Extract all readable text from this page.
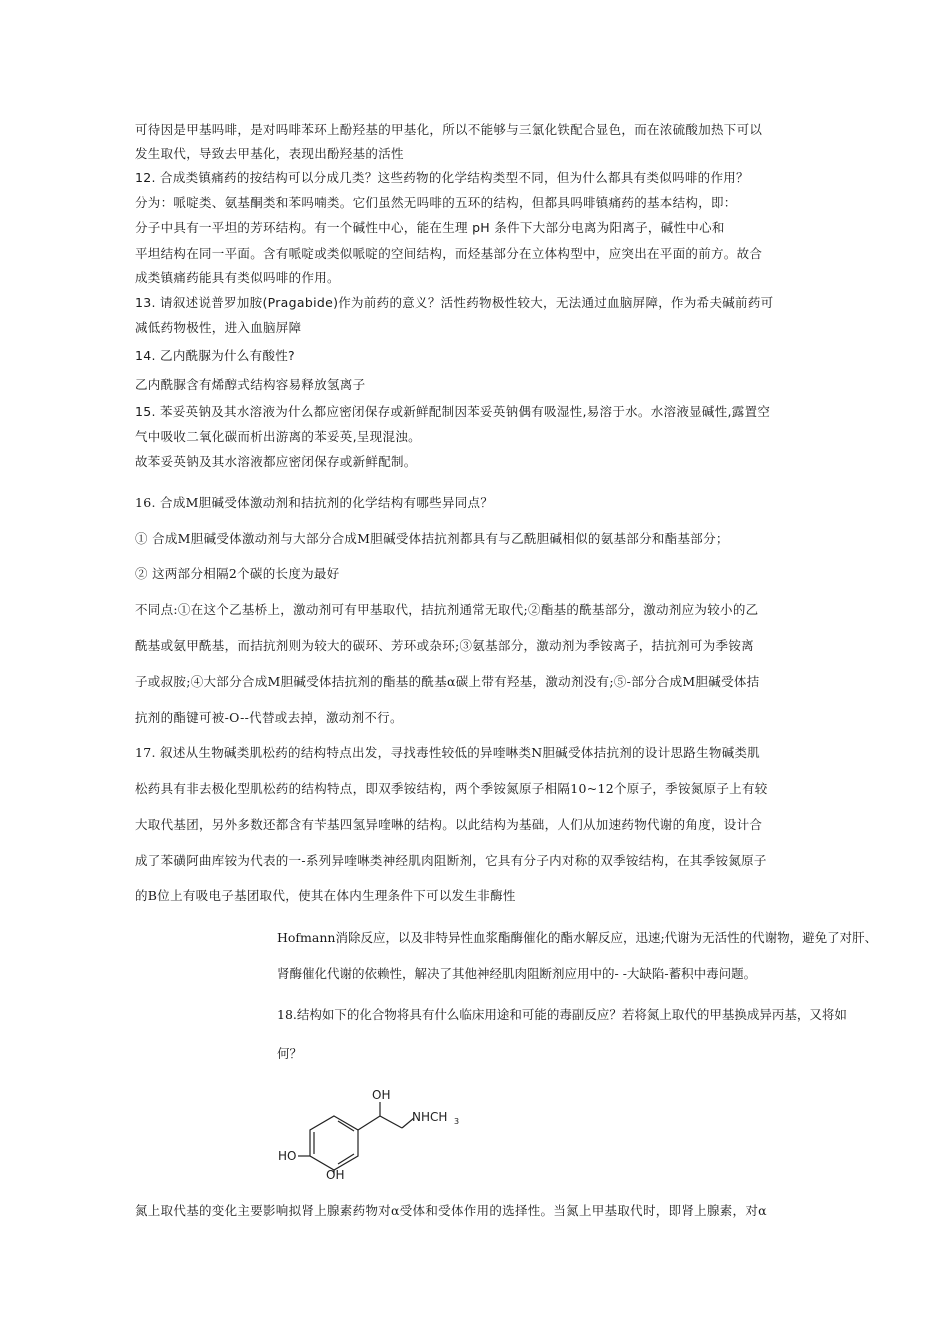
可待因是甲基吗啡，是对吗啡苯环上酚羟基的甲基化，所以不能够与三氯化铁配合显色，而在浓硫酸加热下可以
发生取代，导致去甲基化，表现出酚羟基的活性
12. 合成类镇痛药的按结构可以分成几类？这些药物的化学结构类型不同，但为什么都具有类似吗啡的作用？
分为：哌啶类、氨基酮类和苯吗喃类。它们虽然无吗啡的五环的结构，但都具吗啡镇痛药的基本结构，即：
分子中具有一平坦的芳环结构。有一个碱性中心，能在生理 pH 条件下大部分电离为阳离子，碱性中心和
平坦结构在同一平面。含有哌啶或类似哌啶的空间结构，而烃基部分在立体构型中，应突出在平面的前方。故合
成类镇痛药能具有类似吗啡的作用。
13. 请叙述说普罗加胺(Pragabide)作为前药的意义？活性药物极性较大，无法通过血脑屏障，作为希夫碱前药可
减低药物极性，进入血脑屏障
14. 乙内酰脲为什么有酸性?
乙内酰脲含有烯醇式结构容易释放氢离子
15. 苯妥英钠及其水溶液为什么都应密闭保存或新鲜配制因苯妥英钠偶有吸湿性,易溶于水。水溶液显碱性,露置空
气中吸收二氧化碳而析出游离的苯妥英,呈现混浊。
故苯妥英钠及其水溶液都应密闭保存或新鲜配制。
16. 合成M胆碱受体激动剂和拮抗剂的化学结构有哪些异同点？
① 合成M胆碱受体激动剂与大部分合成M胆碱受体拮抗剂都具有与乙酰胆碱相似的氨基部分和酯基部分；
② 这两部分相隔2个碳的长度为最好
不同点:①在这个乙基桥上，激动剂可有甲基取代，拮抗剂通常无取代;②酯基的酰基部分，激动剂应为较小的乙
酰基或氨甲酰基，而拮抗剂则为较大的碳环、芳环或杂环;③氨基部分，激动剂为季铵离子，拮抗剂可为季铵离
子或叔胺;④大部分合成M胆碱受体拮抗剂的酯基的酰基α碳上带有羟基，激动剂没有;⑤-部分合成M胆碱受体拮
抗剂的酯键可被-O--代替或去掉，激动剂不行。
17. 叙述从生物碱类肌松药的结构特点出发，寻找毒性较低的异喹啉类N胆碱受体拮抗剂的设计思路生物碱类肌
松药具有非去极化型肌松药的结构特点，即双季铵结构，两个季铵氮原子相隔10~12个原子，季铵氮原子上有较
大取代基团，另外多数还都含有苄基四氢异喹啉的结构。以此结构为基础，人们从加速药物代谢的角度，设计合
成了苯磺阿曲库铵为代表的一-系列异喹啉类神经肌肉阻断剂，它具有分子内对称的双季铵结构，在其季铵氮原子
的B位上有吸电子基团取代，使其在体内生理条件下可以发生非酶性
Hofmann消除反应，以及非特异性血浆酯酶催化的酯水解反应，迅速;代谢为无活性的代谢物，避免了对肝、
肾酶催化代谢的依赖性，解决了其他神经肌肉阻断剂应用中的- -大缺陷-蓄积中毒问题。
18.结构如下的化合物将具有什么临床用途和可能的毒副反应？若将氮上取代的甲基换成异丙基，又将如
何？
OH
NHCH 3
HO
OH
氮上取代基的变化主要影响拟肾上腺素药物对α受体和受体作用的选择性。当氮上甲基取代时，即肾上腺素，对α
